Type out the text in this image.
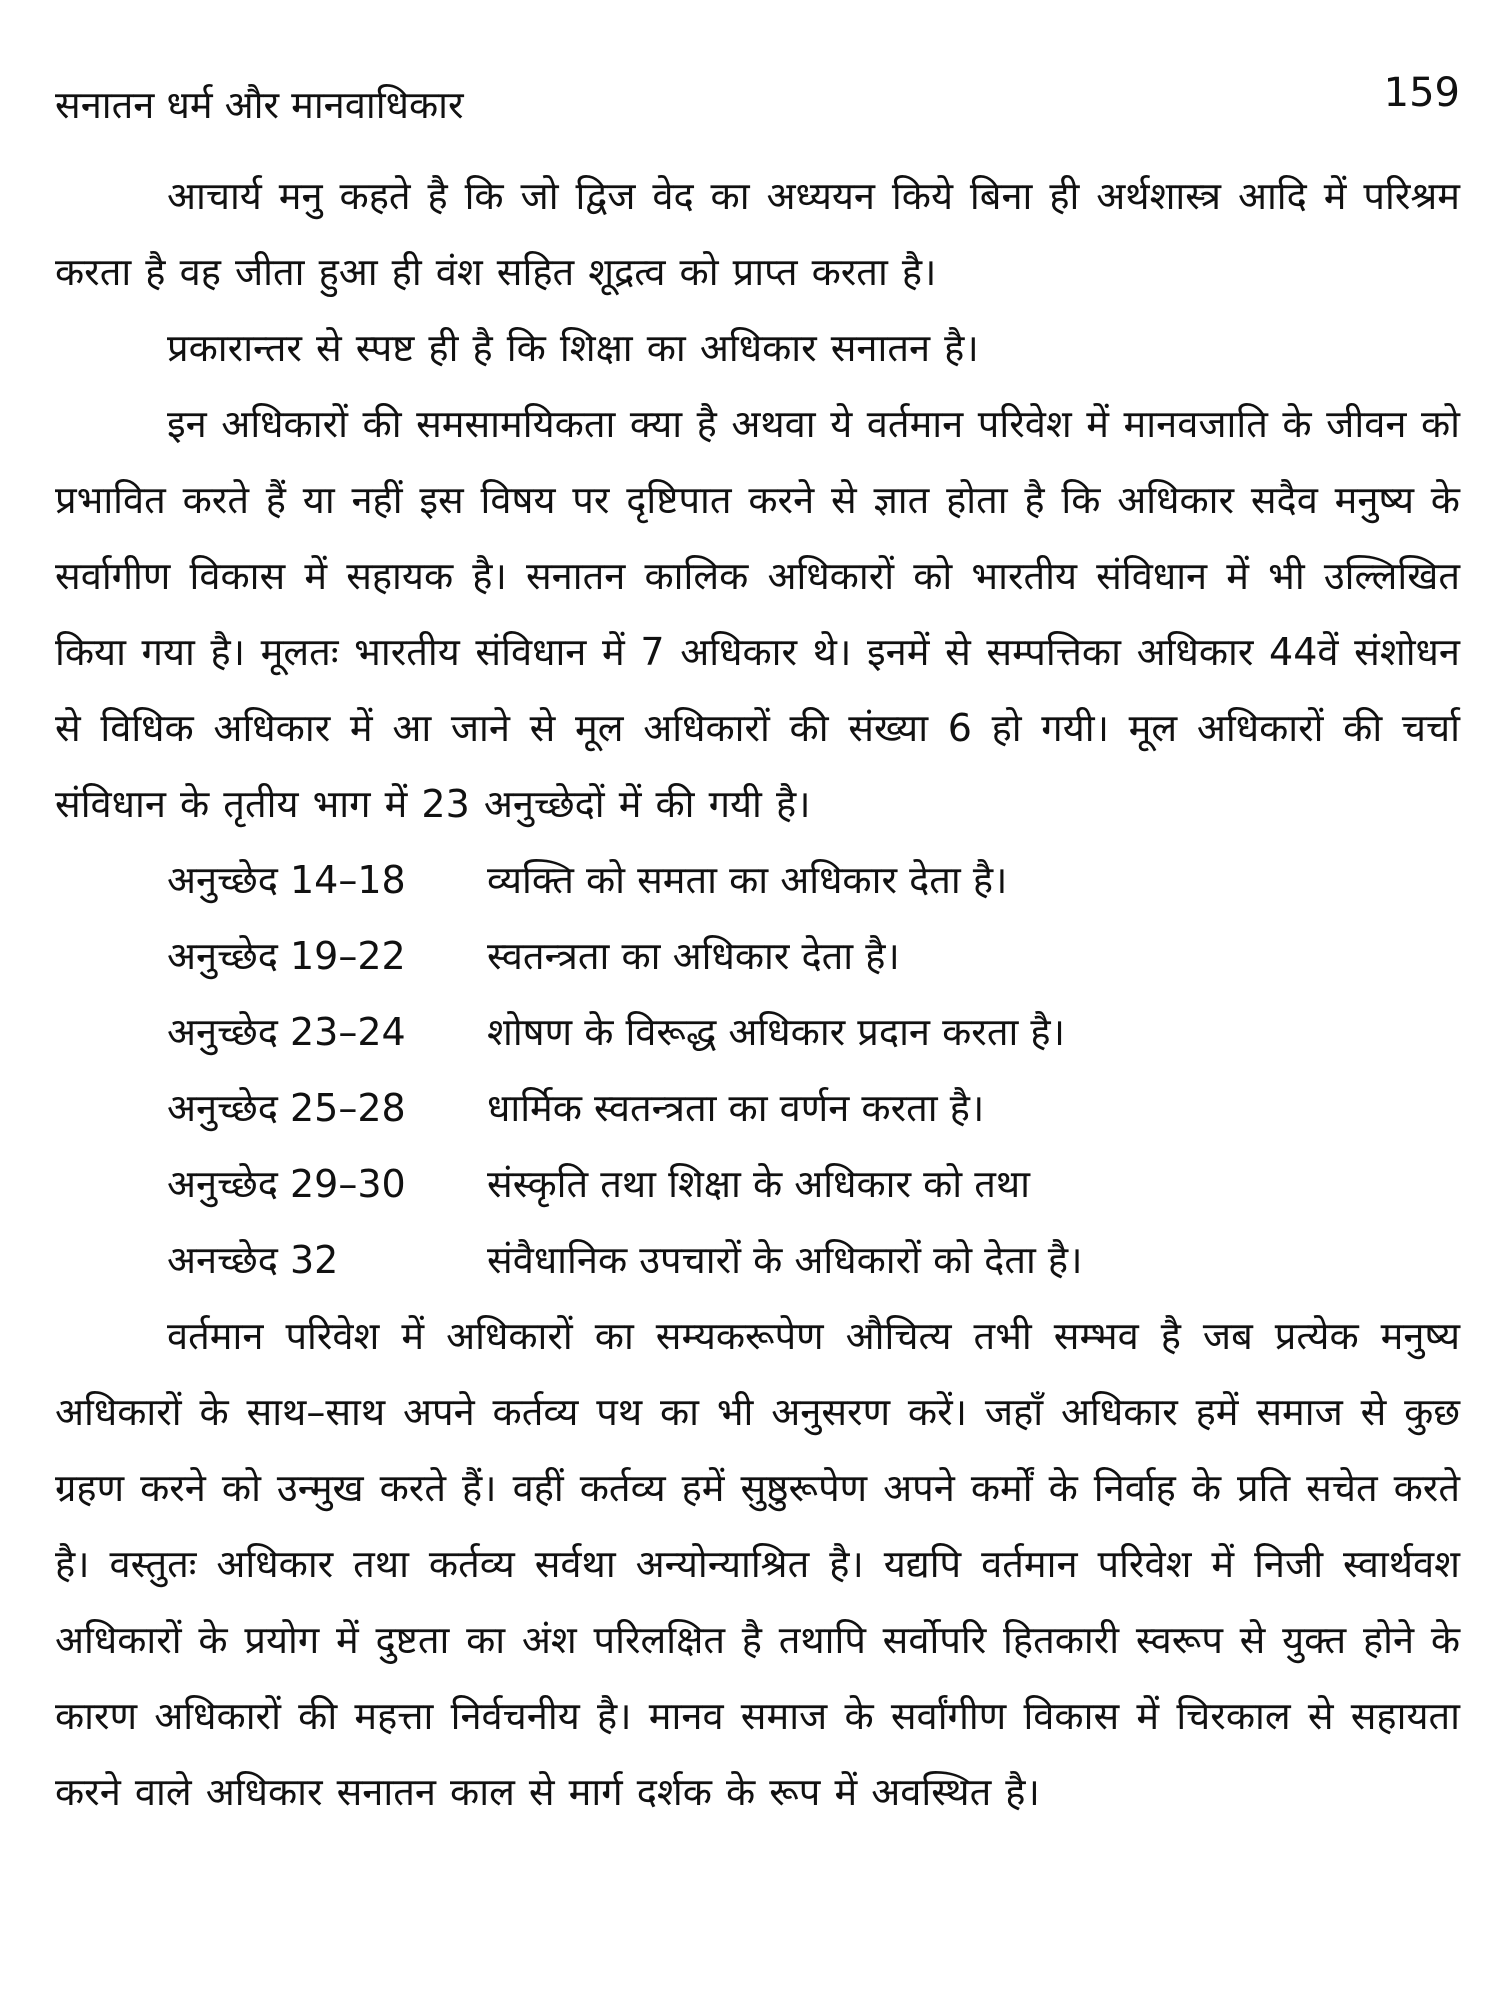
सनातन धर्म और मानवाधिकार	159

आचार्य मनु कहते है कि जो द्विज वेद का अध्ययन किये बिना ही अर्थशास्त्र आदि में परिश्रम करता है वह जीता हुआ ही वंश सहित शूद्रत्व को प्राप्त करता है।

प्रकारान्तर से स्पष्ट ही है कि शिक्षा का अधिकार सनातन है।

इन अधिकारों की समसामयिकता क्या है अथवा ये वर्तमान परिवेश में मानवजाति के जीवन को प्रभावित करते हैं या नहीं इस विषय पर दृष्टिपात करने से ज्ञात होता है कि अधिकार सदैव मनुष्य के सर्वागीण विकास में सहायक है। सनातन कालिक अधिकारों को भारतीय संविधान में भी उल्लिखित किया गया है। मूलतः भारतीय संविधान में 7 अधिकार थे। इनमें से सम्पत्तिका अधिकार 44वें संशोधन से विधिक अधिकार में आ जाने से मूल अधिकारों की संख्या 6 हो गयी। मूल अधिकारों की चर्चा संविधान के तृतीय भाग में 23 अनुच्छेदों में की गयी है।

अनुच्छेद 14–18	व्यक्ति को समता का अधिकार देता है।
अनुच्छेद 19–22	स्वतन्त्रता का अधिकार देता है।
अनुच्छेद 23–24	शोषण के विरूद्ध अधिकार प्रदान करता है।
अनुच्छेद 25–28	धार्मिक स्वतन्त्रता का वर्णन करता है।
अनुच्छेद 29–30	संस्कृति तथा शिक्षा के अधिकार को तथा
अनच्छेद 32	संवैधानिक उपचारों के अधिकारों को देता है।

वर्तमान परिवेश में अधिकारों का सम्यकरूपेण औचित्य तभी सम्भव है जब प्रत्येक मनुष्य अधिकारों के साथ–साथ अपने कर्तव्य पथ का भी अनुसरण करें। जहाँ अधिकार हमें समाज से कुछ ग्रहण करने को उन्मुख करते हैं। वहीं कर्तव्य हमें सुष्ठुरूपेण अपने कर्मों के निर्वाह के प्रति सचेत करते है। वस्तुतः अधिकार तथा कर्तव्य सर्वथा अन्योन्याश्रित है। यद्यपि वर्तमान परिवेश में निजी स्वार्थवश अधिकारों के प्रयोग में दुष्टता का अंश परिलक्षित है तथापि सर्वोपरि हितकारी स्वरूप से युक्त होने के कारण अधिकारों की महत्ता निर्वचनीय है। मानव समाज के सर्वांगीण विकास में चिरकाल से सहायता करने वाले अधिकार सनातन काल से मार्ग दर्शक के रूप में अवस्थित है।
